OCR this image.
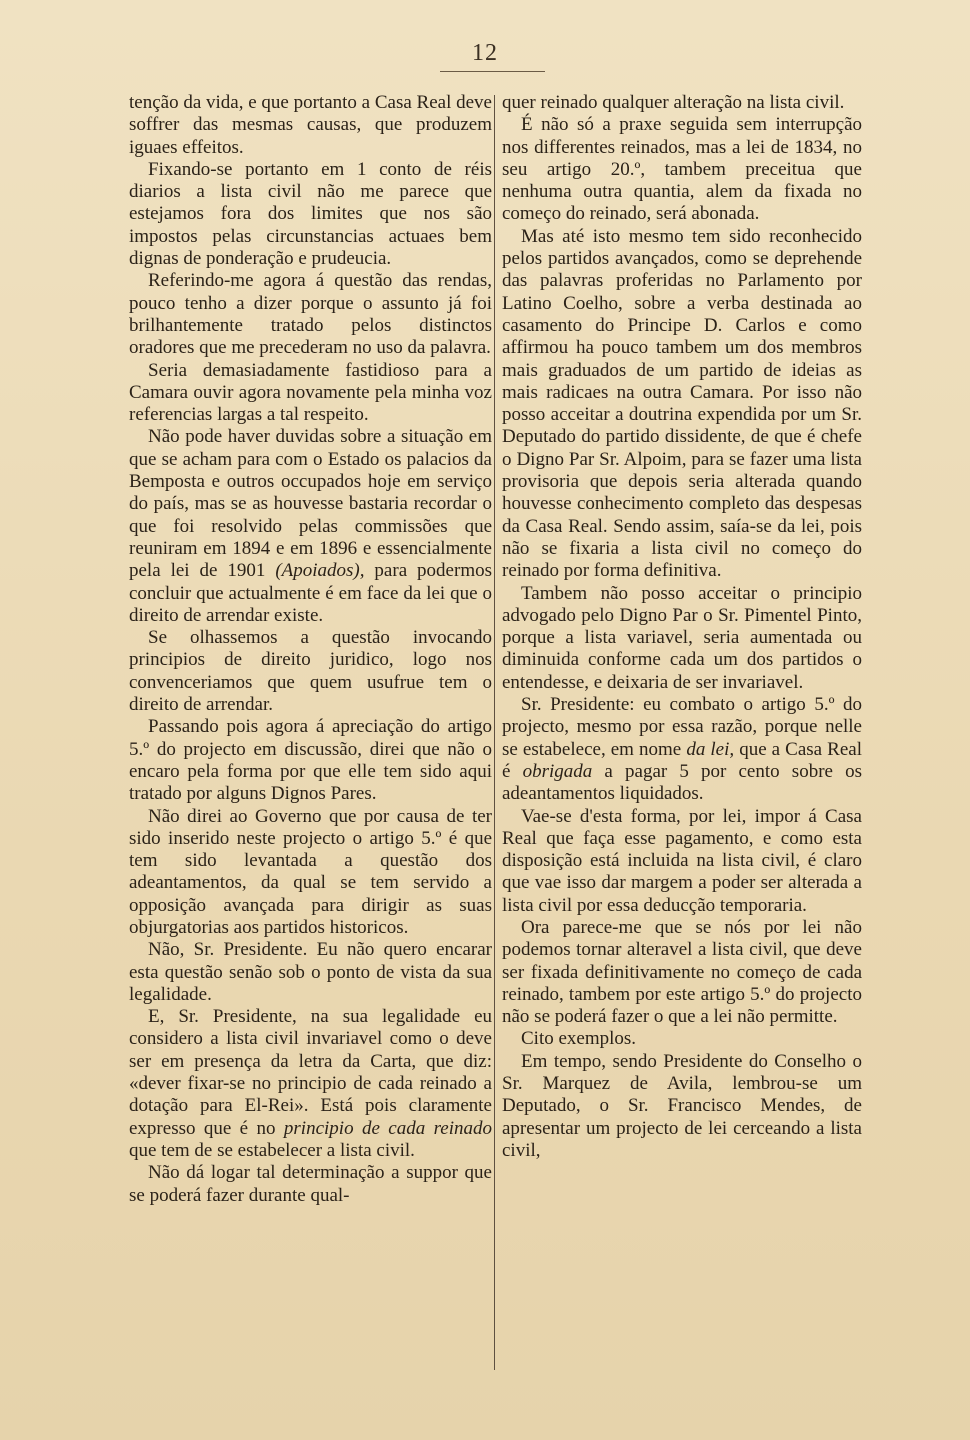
12

tenção da vida, e que portanto a Casa Real deve soffrer das mesmas causas, que produzem iguaes effeitos.

Fixando-se portanto em 1 conto de réis diarios a lista civil não me parece que estejamos fora dos limites que nos são impostos pelas circunstancias actuaes bem dignas de ponderação e prudeucia.

Referindo-me agora á questão das rendas, pouco tenho a dizer porque o assunto já foi brilhantemente tratado pelos distinctos oradores que me precederam no uso da palavra.

Seria demasiadamente fastidioso para a Camara ouvir agora novamente pela minha voz referencias largas a tal respeito.

Não pode haver duvidas sobre a situação em que se acham para com o Estado os palacios da Bemposta e outros occupados hoje em serviço do país, mas se as houvesse bastaria recordar o que foi resolvido pelas commissões que reuniram em 1894 e em 1896 e essencialmente pela lei de 1901 (Apoiados), para podermos concluir que actualmente é em face da lei que o direito de arrendar existe.

Se olhassemos a questão invocando principios de direito juridico, logo nos convenceriamos que quem usufrue tem o direito de arrendar.

Passando pois agora á apreciação do artigo 5.º do projecto em discussão, direi que não o encaro pela forma por que elle tem sido aqui tratado por alguns Dignos Pares.

Não direi ao Governo que por causa de ter sido inserido neste projecto o artigo 5.º é que tem sido levantada a questão dos adeantamentos, da qual se tem servido a opposição avançada para dirigir as suas objurgatorias aos partidos historicos.

Não, Sr. Presidente. Eu não quero encarar esta questão senão sob o ponto de vista da sua legalidade.

E, Sr. Presidente, na sua legalidade eu considero a lista civil invariavel como o deve ser em presença da letra da Carta, que diz: «dever fixar-se no principio de cada reinado a dotação para El-Rei». Está pois claramente expresso que é no principio de cada reinado que tem de se estabelecer a lista civil.

Não dá logar tal determinação a suppor que se poderá fazer durante qual-

quer reinado qualquer alteração na lista civil.

É não só a praxe seguida sem interrupção nos differentes reinados, mas a lei de 1834, no seu artigo 20.º, tambem preceitua que nenhuma outra quantia, alem da fixada no começo do reinado, será abonada.

Mas até isto mesmo tem sido reconhecido pelos partidos avançados, como se deprehende das palavras proferidas no Parlamento por Latino Coelho, sobre a verba destinada ao casamento do Principe D. Carlos e como affirmou ha pouco tambem um dos membros mais graduados de um partido de ideias as mais radicaes na outra Camara. Por isso não posso acceitar a doutrina expendida por um Sr. Deputado do partido dissidente, de que é chefe o Digno Par Sr. Alpoim, para se fazer uma lista provisoria que depois seria alterada quando houvesse conhecimento completo das despesas da Casa Real. Sendo assim, saía-se da lei, pois não se fixaria a lista civil no começo do reinado por forma definitiva.

Tambem não posso acceitar o principio advogado pelo Digno Par o Sr. Pimentel Pinto, porque a lista variavel, seria aumentada ou diminuida conforme cada um dos partidos o entendesse, e deixaria de ser invariavel.

Sr. Presidente: eu combato o artigo 5.º do projecto, mesmo por essa razão, porque nelle se estabelece, em nome da lei, que a Casa Real é obrigada a pagar 5 por cento sobre os adeantamentos liquidados.

Vae-se d'esta forma, por lei, impor á Casa Real que faça esse pagamento, e como esta disposição está incluida na lista civil, é claro que vae isso dar margem a poder ser alterada a lista civil por essa deducção temporaria.

Ora parece-me que se nós por lei não podemos tornar alteravel a lista civil, que deve ser fixada definitivamente no começo de cada reinado, tambem por este artigo 5.º do projecto não se poderá fazer o que a lei não permitte.

Cito exemplos.

Em tempo, sendo Presidente do Conselho o Sr. Marquez de Avila, lembrou-se um Deputado, o Sr. Francisco Mendes, de apresentar um projecto de lei cerceando a lista civil,
